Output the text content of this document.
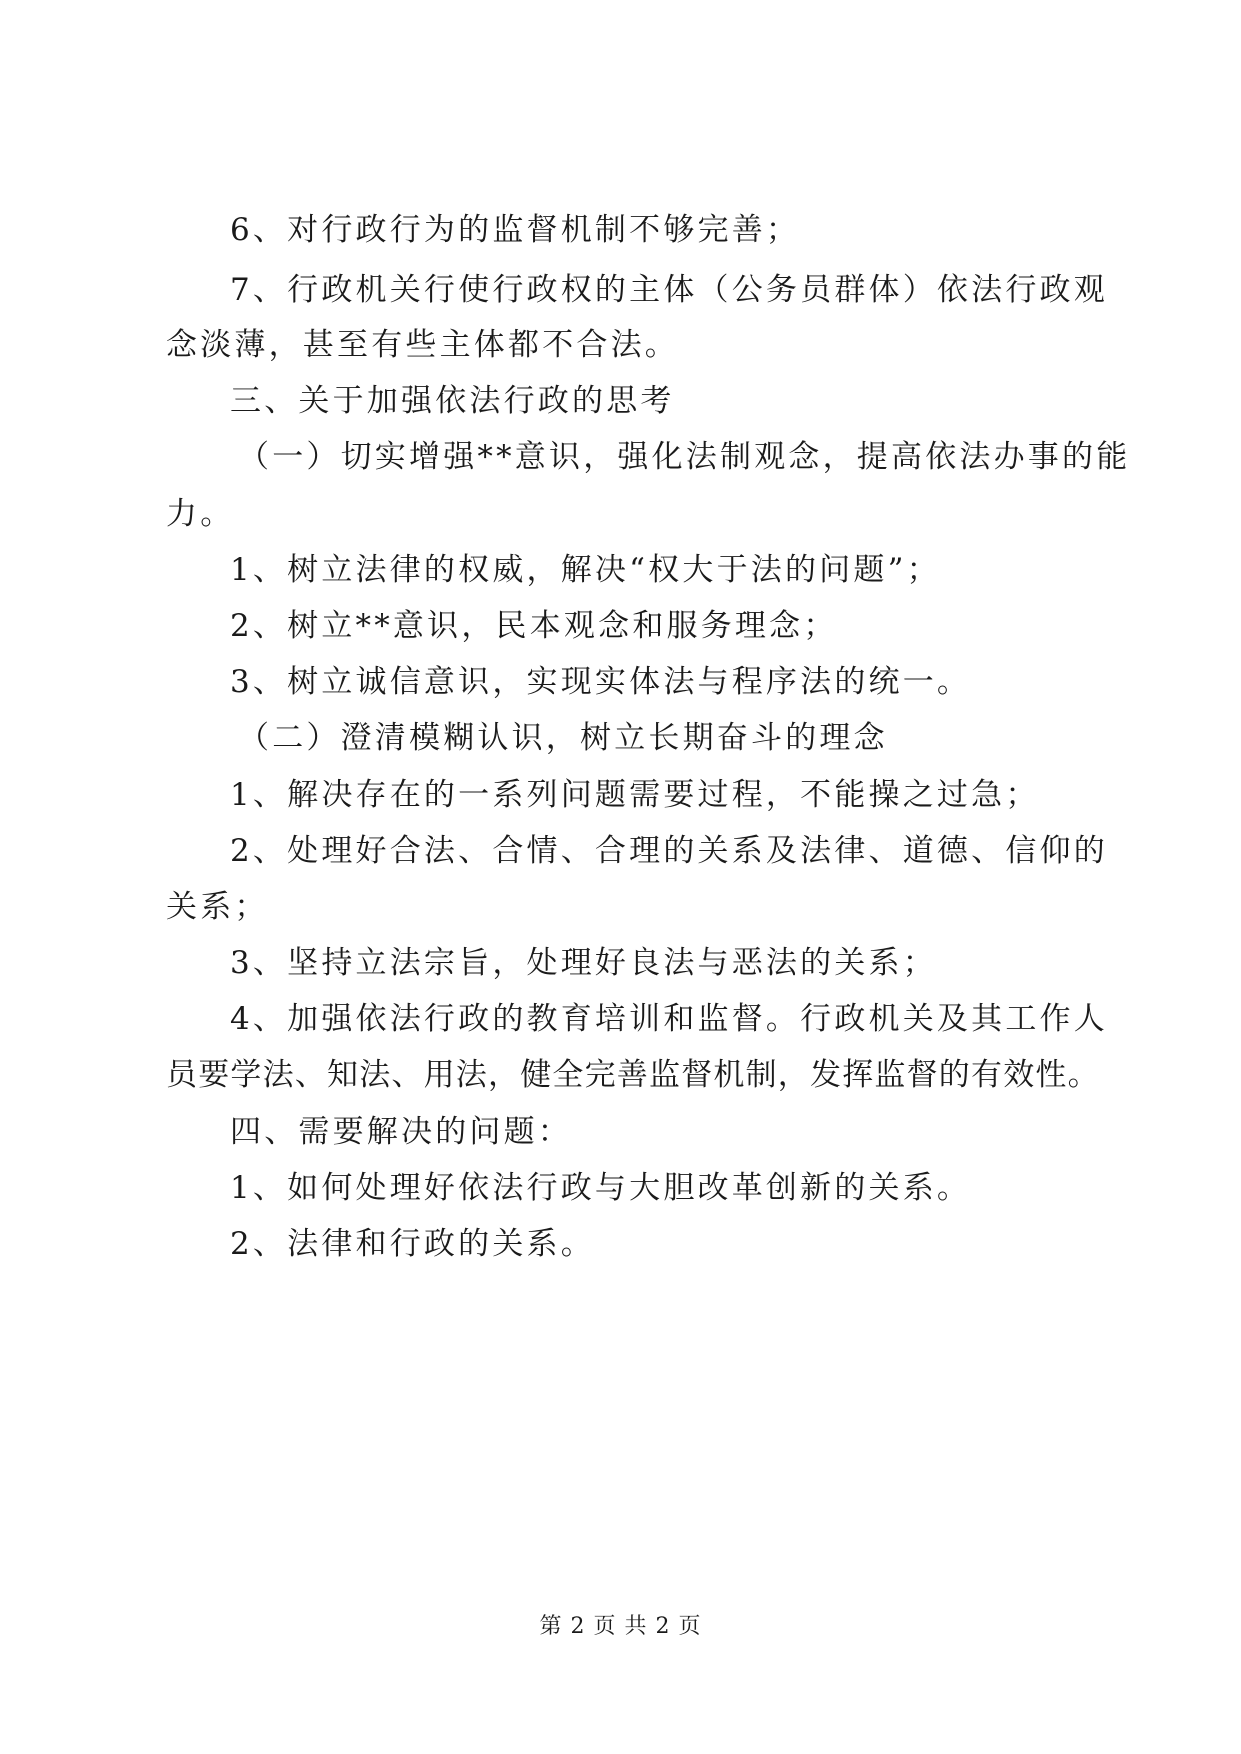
6、对行政行为的监督机制不够完善；
7、行政机关行使行政权的主体（公务员群体）依法行政观
念淡薄，甚至有些主体都不合法。
三、关于加强依法行政的思考
（一）切实增强**意识，强化法制观念，提高依法办事的能
力。
1、树立法律的权威，解决“权大于法的问题”；
2、树立**意识，民本观念和服务理念；
3、树立诚信意识，实现实体法与程序法的统一。
（二）澄清模糊认识，树立长期奋斗的理念
1、解决存在的一系列问题需要过程，不能操之过急；
2、处理好合法、合情、合理的关系及法律、道德、信仰的
关系；
3、坚持立法宗旨，处理好良法与恶法的关系；
4、加强依法行政的教育培训和监督。行政机关及其工作人
员要学法、知法、用法，健全完善监督机制，发挥监督的有效性。
四、需要解决的问题：
1、如何处理好依法行政与大胆改革创新的关系。
2、法律和行政的关系。
第 2 页 共 2 页
